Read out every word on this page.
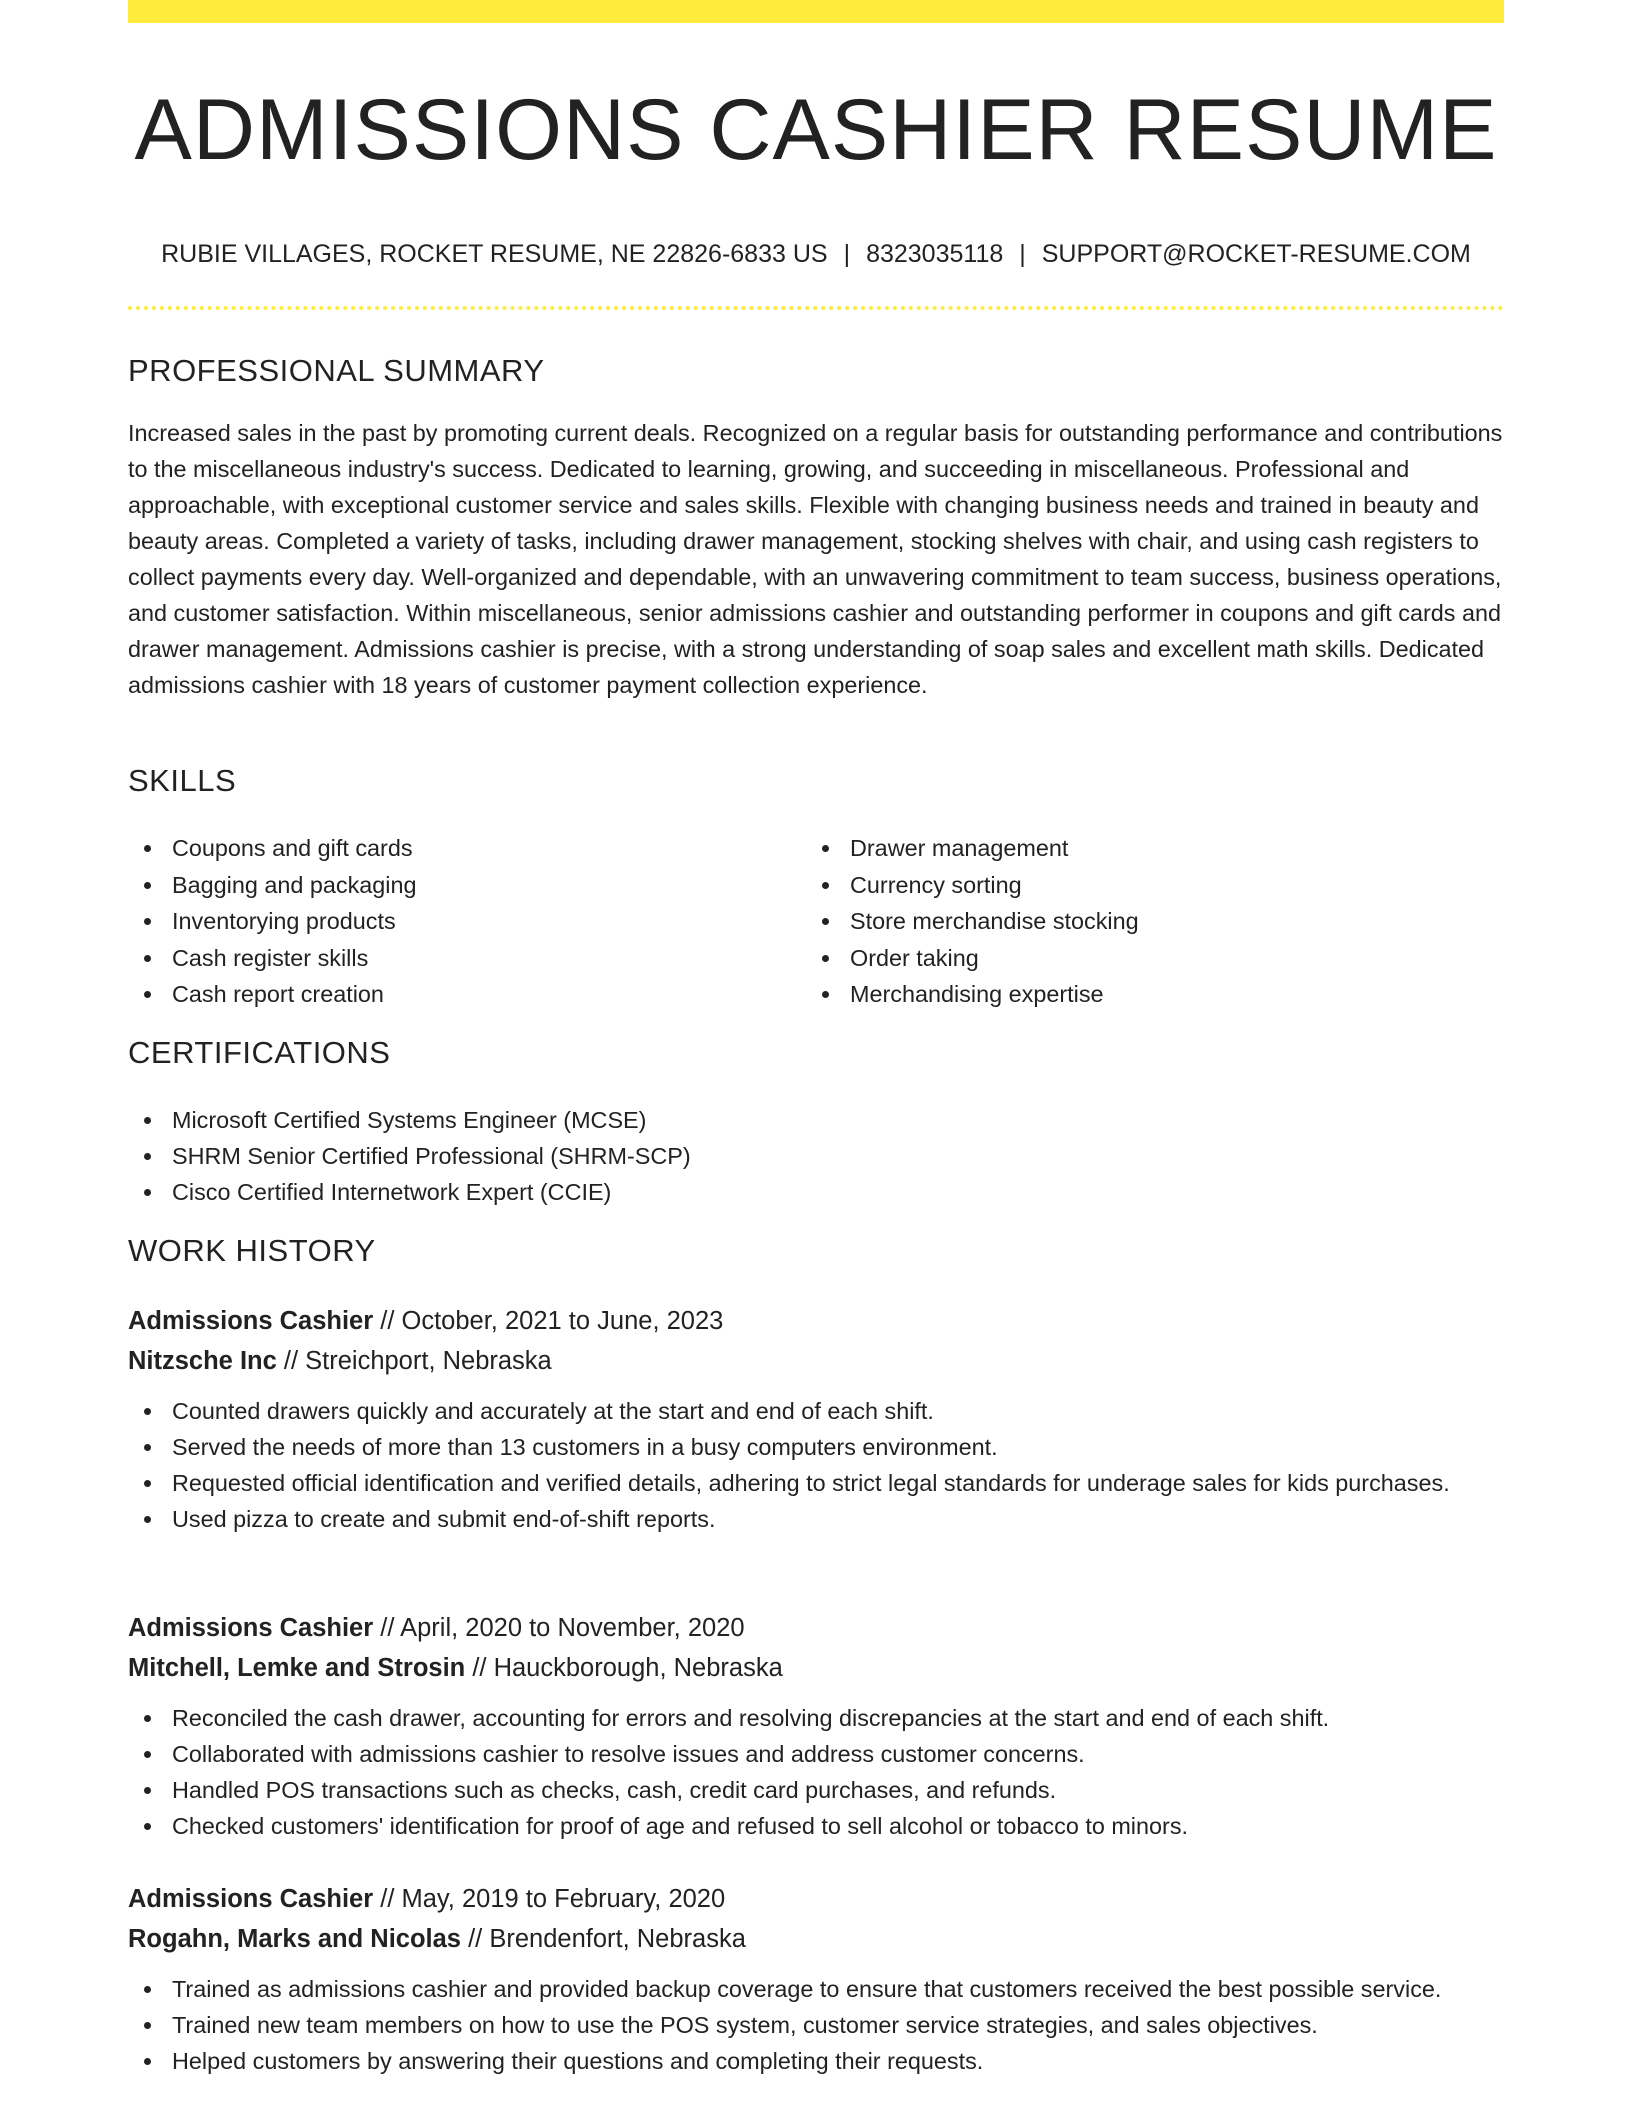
ADMISSIONS CASHIER RESUME
RUBIE VILLAGES, ROCKET RESUME, NE 22826-6833 US | 8323035118 | SUPPORT@ROCKET-RESUME.COM
PROFESSIONAL SUMMARY
Increased sales in the past by promoting current deals. Recognized on a regular basis for outstanding performance and contributions to the miscellaneous industry's success. Dedicated to learning, growing, and succeeding in miscellaneous. Professional and approachable, with exceptional customer service and sales skills. Flexible with changing business needs and trained in beauty and beauty areas. Completed a variety of tasks, including drawer management, stocking shelves with chair, and using cash registers to collect payments every day. Well-organized and dependable, with an unwavering commitment to team success, business operations, and customer satisfaction. Within miscellaneous, senior admissions cashier and outstanding performer in coupons and gift cards and drawer management. Admissions cashier is precise, with a strong understanding of soap sales and excellent math skills. Dedicated admissions cashier with 18 years of customer payment collection experience.
SKILLS
Coupons and gift cards
Bagging and packaging
Inventorying products
Cash register skills
Cash report creation
Drawer management
Currency sorting
Store merchandise stocking
Order taking
Merchandising expertise
CERTIFICATIONS
Microsoft Certified Systems Engineer (MCSE)
SHRM Senior Certified Professional (SHRM-SCP)
Cisco Certified Internetwork Expert (CCIE)
WORK HISTORY
Admissions Cashier // October, 2021 to June, 2023
Nitzsche Inc // Streichport, Nebraska
Counted drawers quickly and accurately at the start and end of each shift.
Served the needs of more than 13 customers in a busy computers environment.
Requested official identification and verified details, adhering to strict legal standards for underage sales for kids purchases.
Used pizza to create and submit end-of-shift reports.
Admissions Cashier // April, 2020 to November, 2020
Mitchell, Lemke and Strosin // Hauckborough, Nebraska
Reconciled the cash drawer, accounting for errors and resolving discrepancies at the start and end of each shift.
Collaborated with admissions cashier to resolve issues and address customer concerns.
Handled POS transactions such as checks, cash, credit card purchases, and refunds.
Checked customers' identification for proof of age and refused to sell alcohol or tobacco to minors.
Admissions Cashier // May, 2019 to February, 2020
Rogahn, Marks and Nicolas // Brendenfort, Nebraska
Trained as admissions cashier and provided backup coverage to ensure that customers received the best possible service.
Trained new team members on how to use the POS system, customer service strategies, and sales objectives.
Helped customers by answering their questions and completing their requests.
